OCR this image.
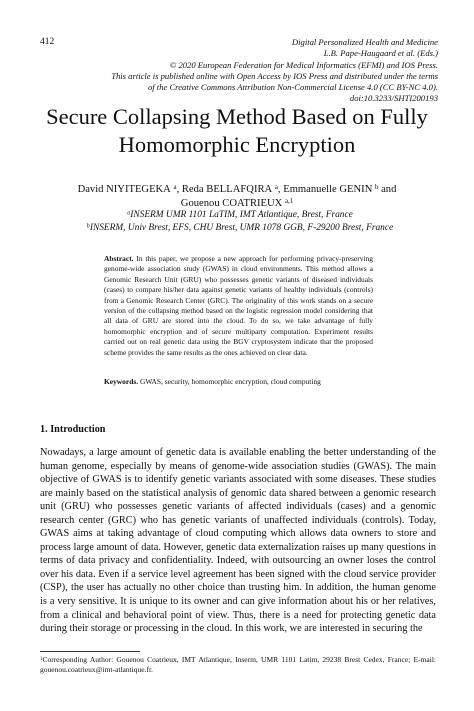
412	Digital Personalized Health and Medicine
L.B. Pape-Haugaard et al. (Eds.)
© 2020 European Federation for Medical Informatics (EFMI) and IOS Press.
This article is published online with Open Access by IOS Press and distributed under the terms
of the Creative Commons Attribution Non-Commercial License 4.0 (CC BY-NC 4.0).
doi:10.3233/SHTI200193
Secure Collapsing Method Based on Fully
Homomorphic Encryption
David NIYITEGEKA $^a$, Reda BELLAFQIRA $^a$, Emmanuelle GENIN $^b$ and
Gouenou COATRIEUX $^{a,1}$
$^a$INSERM UMR 1101 LaTIM, IMT Atlantique, Brest, France
$^b$INSERM, Univ Brest, EFS, CHU Brest, UMR 1078 GGB, F-29200 Brest, France
Abstract. In this paper, we propose a new approach for performing privacy-preserving genome-wide association study (GWAS) in cloud environments. This method allows a Genomic Research Unit (GRU) who possesses genetic variants of diseased individuals (cases) to compare his/her data against genetic variants of healthy individuals (controls) from a Genomic Research Center (GRC). The originality of this work stands on a secure version of the collapsing method based on the logistic regression model considering that all data of GRU are stored into the cloud. To do so, we take advantage of fully homomorphic encryption and of secure multiparty computation. Experiment results carried out on real genetic data using the BGV cryptosystem indicate that the proposed scheme provides the same results as the ones achieved on clear data.
Keywords. GWAS, security, homomorphic encryption, cloud computing
1. Introduction
Nowadays, a large amount of genetic data is available enabling the better understanding of the human genome, especially by means of genome-wide association studies (GWAS). The main objective of GWAS is to identify genetic variants associated with some diseases. These studies are mainly based on the statistical analysis of genomic data shared between a genomic research unit (GRU) who possesses genetic variants of affected individuals (cases) and a genomic research center (GRC) who has genetic variants of unaffected individuals (controls). Today, GWAS aims at taking advantage of cloud computing which allows data owners to store and process large amount of data. However, genetic data externalization raises up many questions in terms of data privacy and confidentiality. Indeed, with outsourcing an owner loses the control over his data. Even if a service level agreement has been signed with the cloud service provider (CSP), the user has actually no other choice than trusting him. In addition, the human genome is a very sensitive. It is unique to its owner and can give information about his or her relatives, from a clinical and behavioral point of view. Thus, there is a need for protecting genetic data during their storage or processing in the cloud. In this work, we are interested in securing the
$^1$Corresponding Author: Gouenou Coatrieux, IMT Atlantique, Inserm, UMR 1101 Latim, 29238 Brest Cedex, France; E-mail: gouenou.coatrieux@imt-atlantique.fr.
